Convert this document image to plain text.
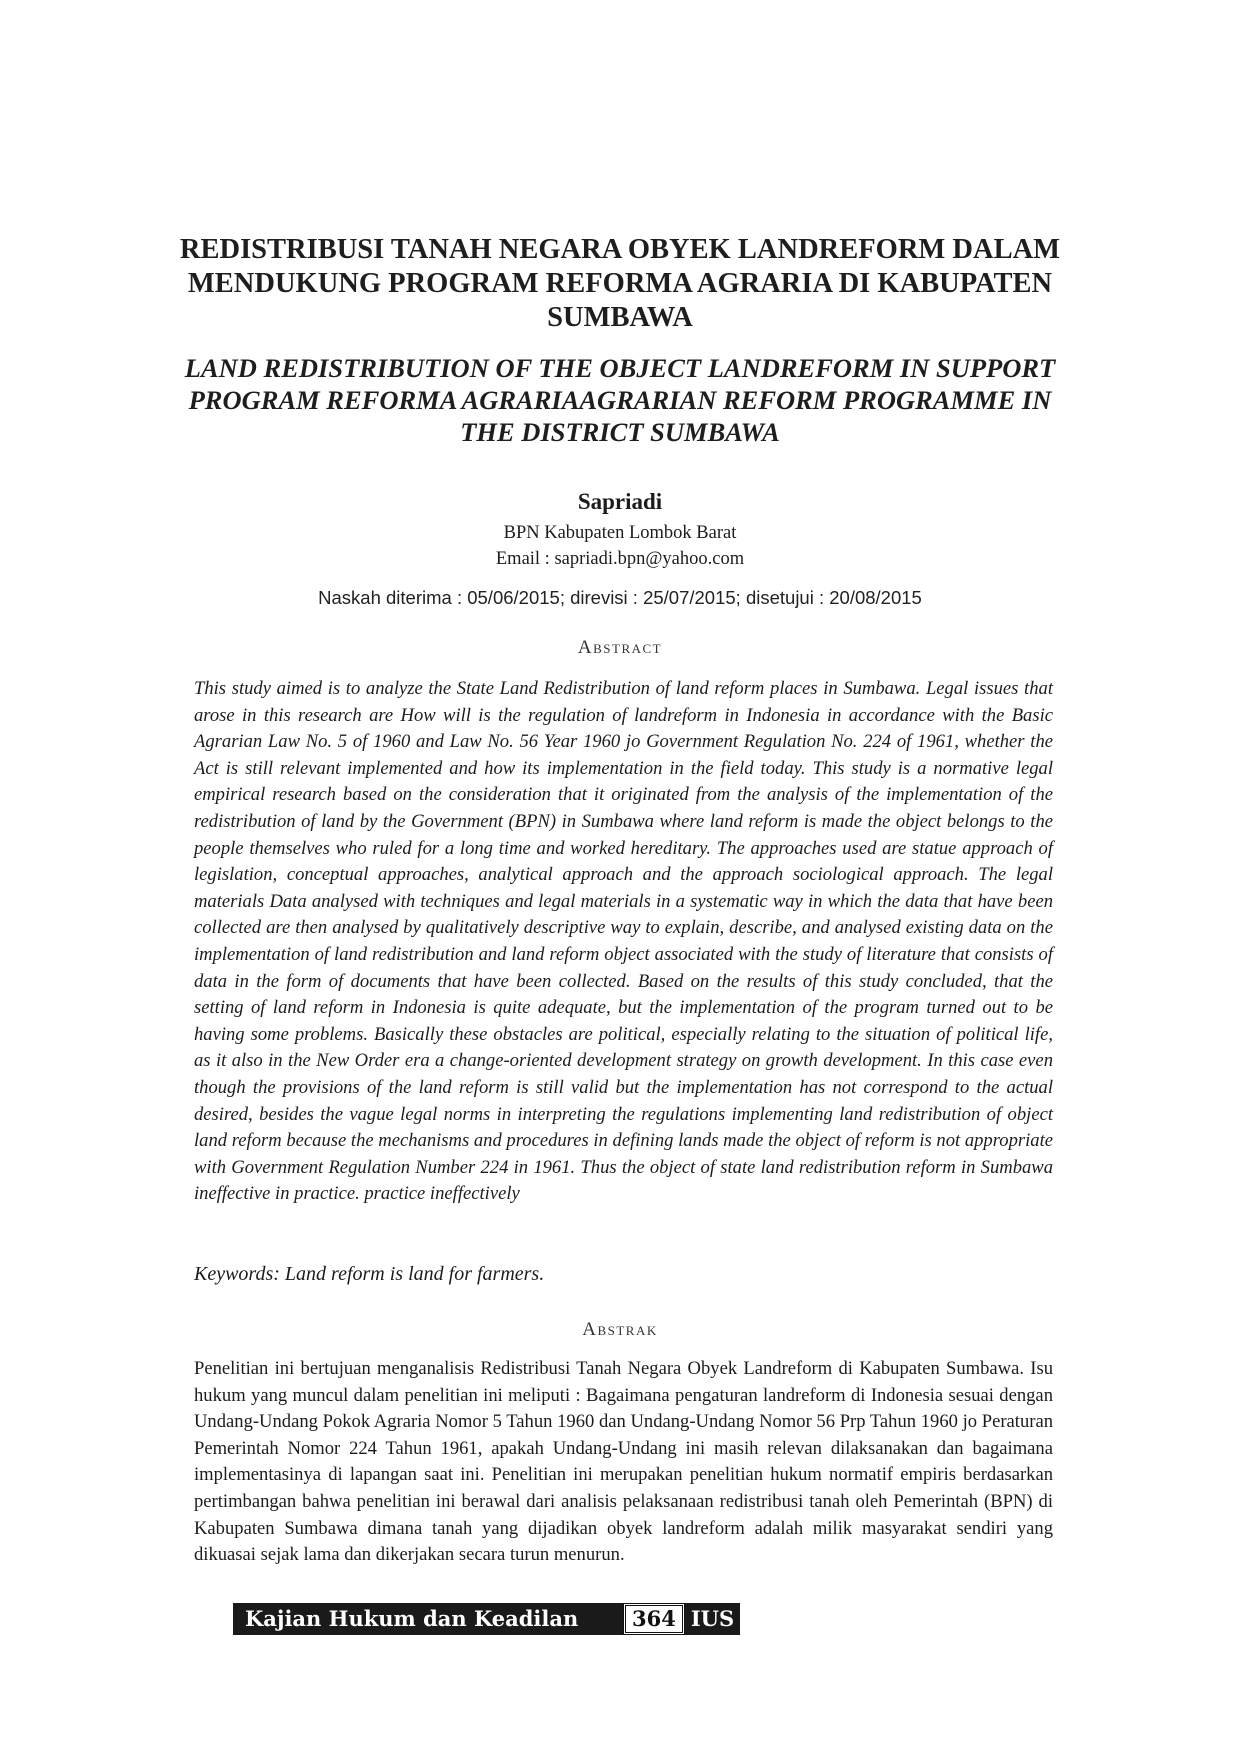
REDISTRIBUSI TANAH NEGARA OBYEK LANDREFORM DALAM MENDUKUNG PROGRAM REFORMA AGRARIA DI KABUPATEN SUMBAWA
LAND REDISTRIBUTION OF THE OBJECT LANDREFORM IN SUPPORT PROGRAM REFORMA AGRARIAAGRARIAN REFORM PROGRAMME IN THE DISTRICT SUMBAWA
Sapriadi
BPN Kabupaten Lombok Barat
Email : sapriadi.bpn@yahoo.com
Naskah diterima : 05/06/2015; direvisi : 25/07/2015; disetujui : 20/08/2015
Abstract

This study aimed is to analyze the State Land Redistribution of land reform places in Sumbawa. Legal issues that arose in this research are How will is the regulation of landreform in Indonesia in accordance with the Basic Agrarian Law No. 5 of 1960 and Law No. 56 Year 1960 jo Government Regulation No. 224 of 1961, whether the Act is still relevant implemented and how its implementation in the field today. This study is a normative legal empirical research based on the consideration that it originated from the analysis of the implementation of the redistribution of land by the Government (BPN) in Sumbawa where land reform is made the object belongs to the people themselves who ruled for a long time and worked hereditary. The approaches used are statue approach of legislation, conceptual approaches, analytical approach and the approach sociological approach. The legal materials Data analysed with techniques and legal materials in a systematic way in which the data that have been collected are then analysed by qualitatively descriptive way to explain, describe, and analysed existing data on the implementation of land redistribution and land reform object associated with the study of literature that consists of data in the form of documents that have been collected. Based on the results of this study concluded, that the setting of land reform in Indonesia is quite adequate, but the implementation of the program turned out to be having some problems. Basically these obstacles are political, especially relating to the situation of political life, as it also in the New Order era a change-oriented development strategy on growth development. In this case even though the provisions of the land reform is still valid but the implementation has not correspond to the actual desired, besides the vague legal norms in interpreting the regulations implementing land redistribution of object land reform because the mechanisms and procedures in defining lands made the object of reform is not appropriate with Government Regulation Number 224 in 1961. Thus the object of state land redistribution reform in Sumbawa ineffective in practice. practice ineffectively

Keywords: Land reform is land for farmers.
Abstrak

Penelitian ini bertujuan menganalisis Redistribusi Tanah Negara Obyek Landreform di Kabupaten Sumbawa. Isu hukum yang muncul dalam penelitian ini meliputi : Bagaimana pengaturan landreform di Indonesia sesuai dengan Undang-Undang Pokok Agraria Nomor 5 Tahun 1960 dan Undang-Undang Nomor 56 Prp Tahun 1960 jo Peraturan Pemerintah Nomor 224 Tahun 1961, apakah Undang-Undang ini masih relevan dilaksanakan dan bagaimana implementasinya di lapangan saat ini. Penelitian ini merupakan penelitian hukum normatif empiris berdasarkan pertimbangan bahwa penelitian ini berawal dari analisis pelaksanaan redistribusi tanah oleh Pemerintah (BPN) di Kabupaten Sumbawa dimana tanah yang dijadikan obyek landreform adalah milik masyarakat sendiri yang dikuasai sejak lama dan dikerjakan secara turun menurun.

Kajian Hukum dan Keadilan	364 IUS
